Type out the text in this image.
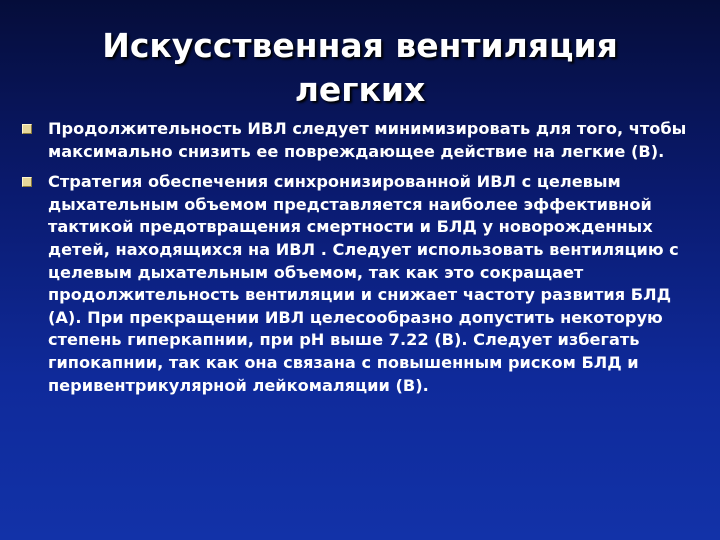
Искусственная вентиляция
легких
Продолжительность ИВЛ следует минимизировать для того, чтобы максимально снизить ее повреждающее действие на легкие (В).
Стратегия обеспечения синхронизированной ИВЛ с целевым дыхательным объемом представляется наиболее эффективной тактикой предотвращения смертности и БЛД у новорожденных детей, находящихся на ИВЛ . Следует использовать вентиляцию с целевым дыхательным объемом, так как это сокращает продолжительность вентиляции и снижает частоту развития БЛД (А). При прекращении ИВЛ целесообразно допустить некоторую степень гиперкапнии, при рН выше 7.22 (В). Следует избегать гипокапнии, так как она связана с повышенным риском БЛД и перивентрикулярной лейкомаляции (В).
